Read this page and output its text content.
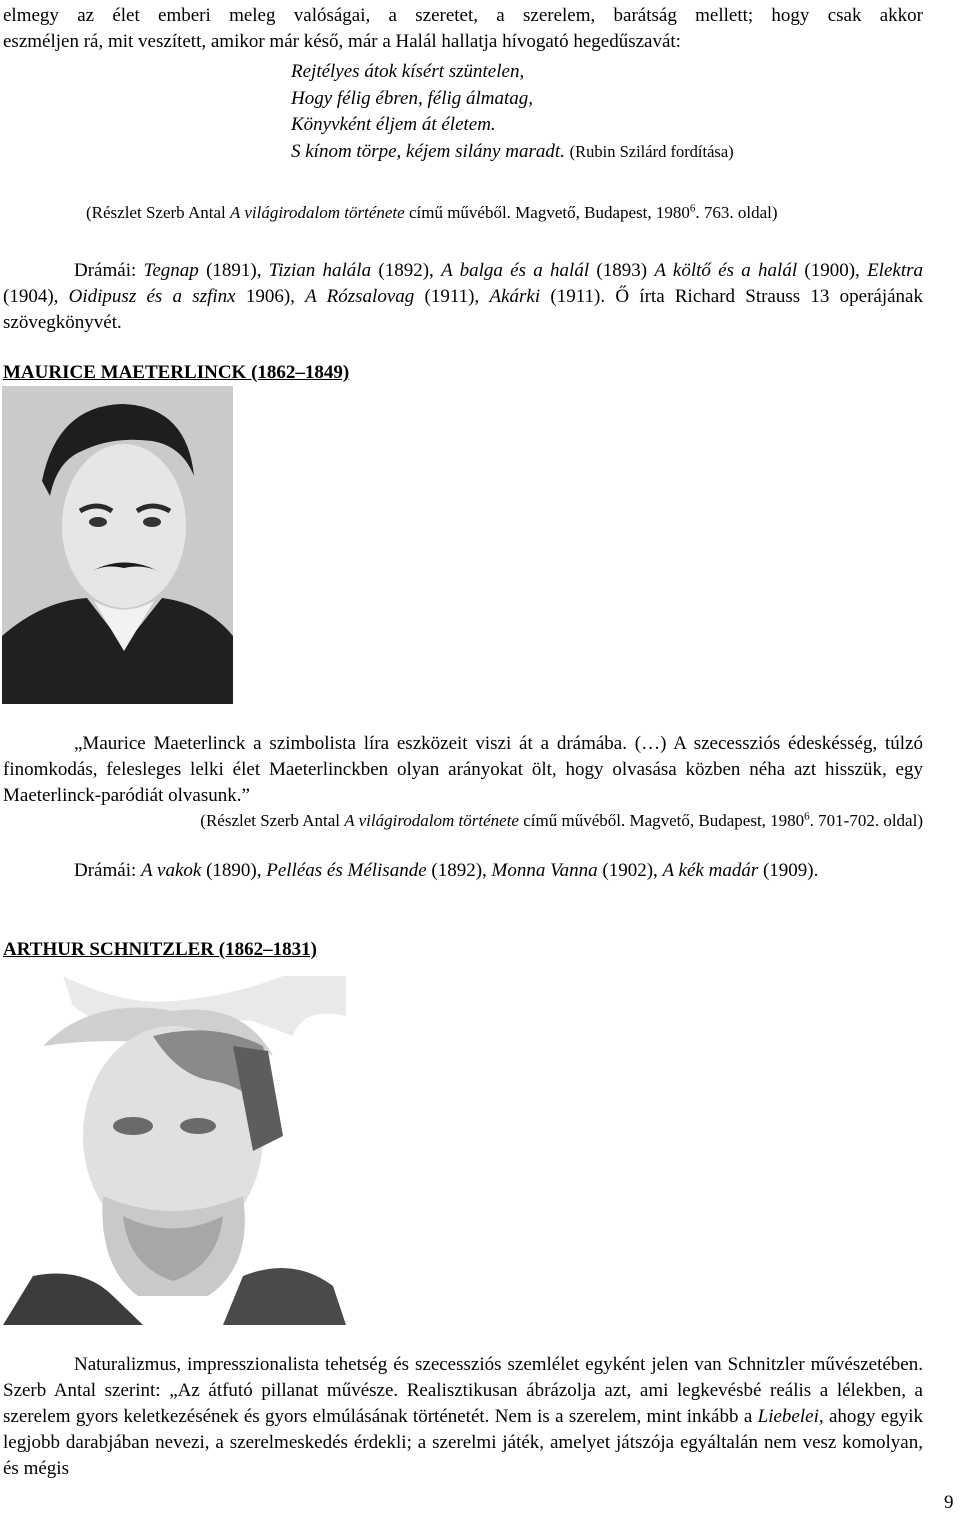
elmegy az élet emberi meleg valóságai, a szeretet, a szerelem, barátság mellett; hogy csak akkor
eszméljen rá, mit veszített, amikor már késő, már a Halál hallatja hívogató hegedűszavát:
Rejtélyes átok kísért szüntelen,
Hogy félig ébren, félig álmatag,
Könyvként éljem át életem.
S kínom törpe, kéjem silány maradt. (Rubin Szilárd fordítása)
(Részlet Szerb Antal A világirodalom története című művéből. Magvető, Budapest, 1980$^6$. 763. oldal)
Drámái: Tegnap (1891), Tizian halála (1892), A balga és a halál (1893) A költő és a halál (1900), Elektra (1904), Oidipusz és a szfinx 1906), A Rózsalovag (1911), Akárki (1911). Ő írta Richard Strauss 13 operájának szövegkönyvét.
MAURICE MAETERLINCK (1862–1849)
„Maurice Maeterlinck a szimbolista líra eszközeit viszi át a drámába. (…) A szecessziós édeskésség, túlzó finomkodás, felesleges lelki élet Maeterlinckben olyan arányokat ölt, hogy olvasása közben néha azt hisszük, egy Maeterlinck-paródiát olvasunk.”
(Részlet Szerb Antal A világirodalom története című művéből. Magvető, Budapest, 1980$^6$. 701-702. oldal)
Drámái: A vakok (1890), Pelléas és Mélisande (1892), Monna Vanna (1902), A kék madár (1909).
ARTHUR SCHNITZLER (1862–1831)
Naturalizmus, impresszionalista tehetség és szecessziós szemlélet egyként jelen van Schnitzler művészetében. Szerb Antal szerint: „Az átfutó pillanat művésze. Realisztikusan ábrázolja azt, ami legkevésbé reális a lélekben, a szerelem gyors keletkezésének és gyors elmúlásának történetét. Nem is a szerelem, mint inkább a Liebelei, ahogy egyik legjobb darabjában nevezi, a szerelmeskedés érdekli; a szerelmi játék, amelyet játszója egyáltalán nem vesz komolyan, és mégis
9
